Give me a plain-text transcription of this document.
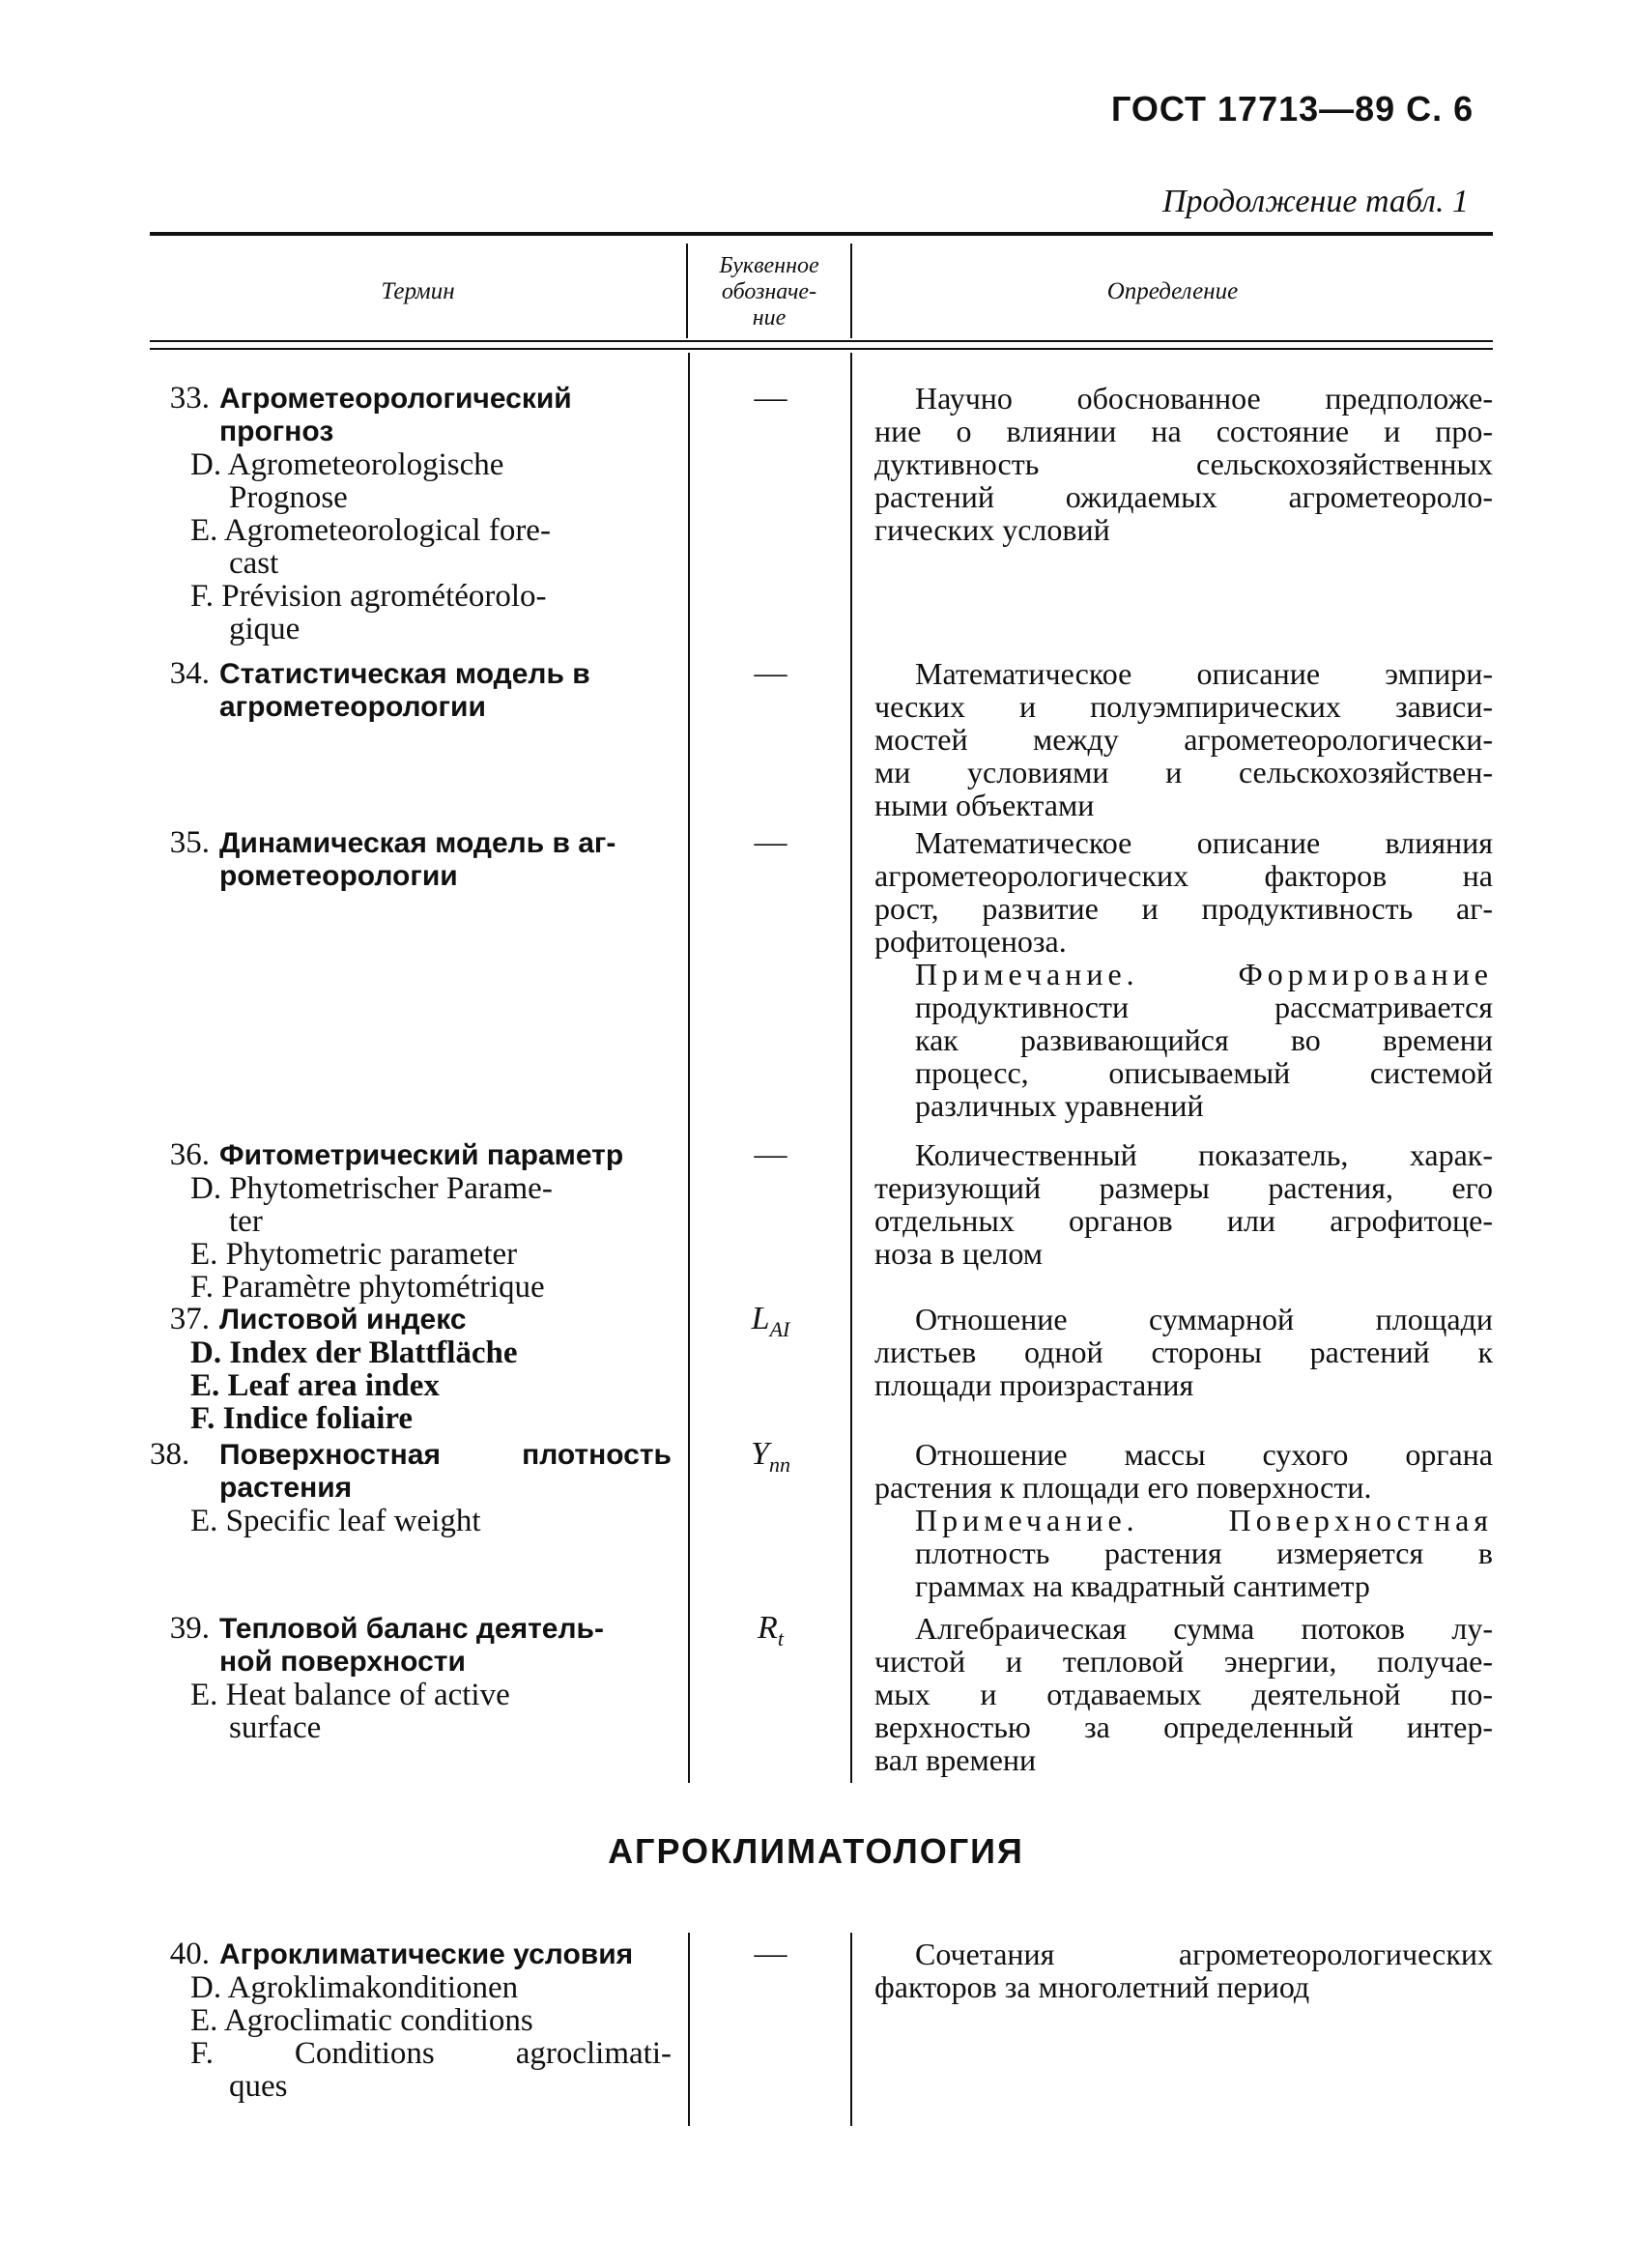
ГОСТ 17713—89 С. 6
Продолжение табл. 1
Термин
Буквенное
обозначе-
ние
Определение
33. Агрометеорологический
прогноз
D. Agrometeorologische
Prognose
E. Agrometeorological fore-
cast
F. Prévision agrométéorolo-
gique
—	Научно обоснованное предположе-
ние о влиянии на состояние и про-
дуктивность сельскохозяйственных
растений ожидаемых агрометеороло-
гических условий
34. Статистическая модель в
агрометеорологии
—	Математическое описание эмпири-
ческих и полуэмпирических зависи-
мостей между агрометеорологически-
ми условиями и сельскохозяйствен-
ными объектами
35. Динамическая модель в аг-
рометеорологии
—	Математическое описание влияния
агрометеорологических факторов на
рост, развитие и продуктивность аг-
рофитоценоза.
Примечание. Формирование
продуктивности рассматривается
как развивающийся во времени
процесс, описываемый системой
различных уравнений
36. Фитометрический параметр
D. Phytometrischer Parame-
ter
E. Phytometric parameter
F. Paramètre phytométrique
—	Количественный показатель, харак-
теризующий размеры растения, его
отдельных органов или агрофитоце-
ноза в целом
37. Листовой индекс
D. Index der Blattfläche
E. Leaf area index
F. Indice foliaire
$L_{AI}$	Отношение суммарной площади
листьев одной стороны растений к
площади произрастания
38. Поверхностная плотность
растения
E. Specific leaf weight
$Y_{пп}$	Отношение массы сухого органа
растения к площади его поверхности.
Примечание. Поверхностная
плотность растения измеряется в
граммах на квадратный сантиметр
39. Тепловой баланс деятель-
ной поверхности
E. Heat balance of active
surface
$R_t$	Алгебраическая сумма потоков лу-
чистой и тепловой энергии, получае-
мых и отдаваемых деятельной по-
верхностью за определенный интер-
вал времени
АГРОКЛИМАТОЛОГИЯ
40. Агроклиматические условия
D. Agroklimakonditionen
E. Agroclimatic conditions
F. Conditions agroclimati-
ques
—	Сочетания агрометеорологических
факторов за многолетний период
